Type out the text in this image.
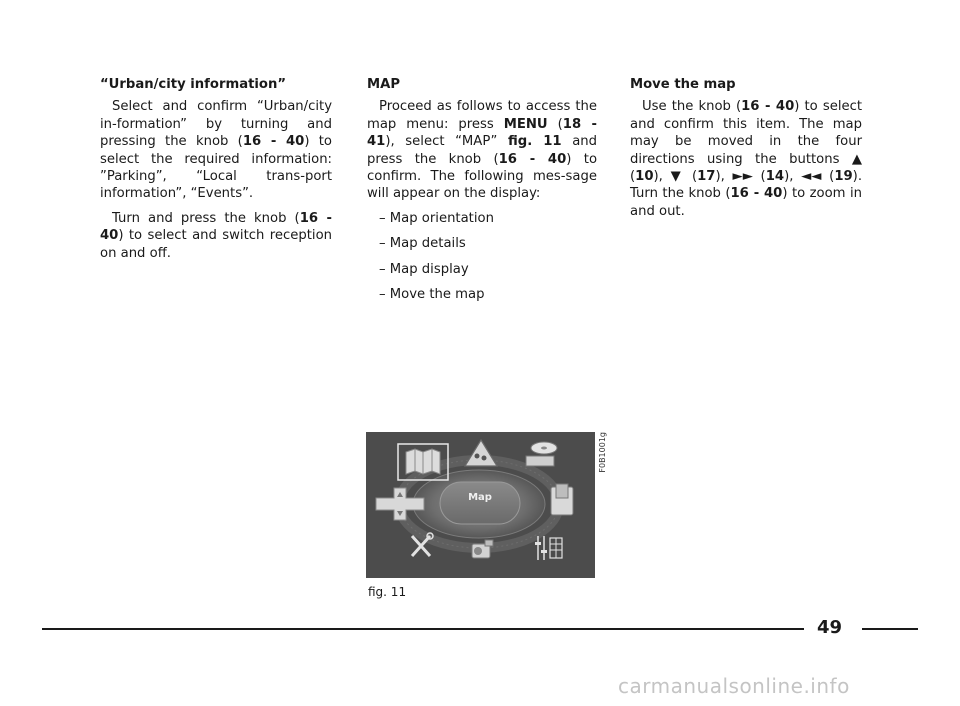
“Urban/city information”
Select and confirm “Urban/city in-formation” by turning and pressing the knob (16 - 40) to select the required information: ”Parking”, “Local trans-port information”, “Events”.
Turn and press the knob (16 - 40) to select and switch reception on and off.
MAP
Proceed as follows to access the map menu: press MENU (18 - 41), select “MAP” fig. 11 and press the knob (16 - 40) to confirm. The following mes-sage will appear on the display:
– Map orientation
– Map details
– Map display
– Move the map
Move the map
Use the knob (16 - 40) to select and confirm this item. The map may be moved in the four directions using the buttons ▲ (10), ▼ (17), ►► (14), ◄◄ (19). Turn the knob (16 - 40) to zoom in and out.
Map
F0B1001g
fig. 11
49
carmanualsonline.info
